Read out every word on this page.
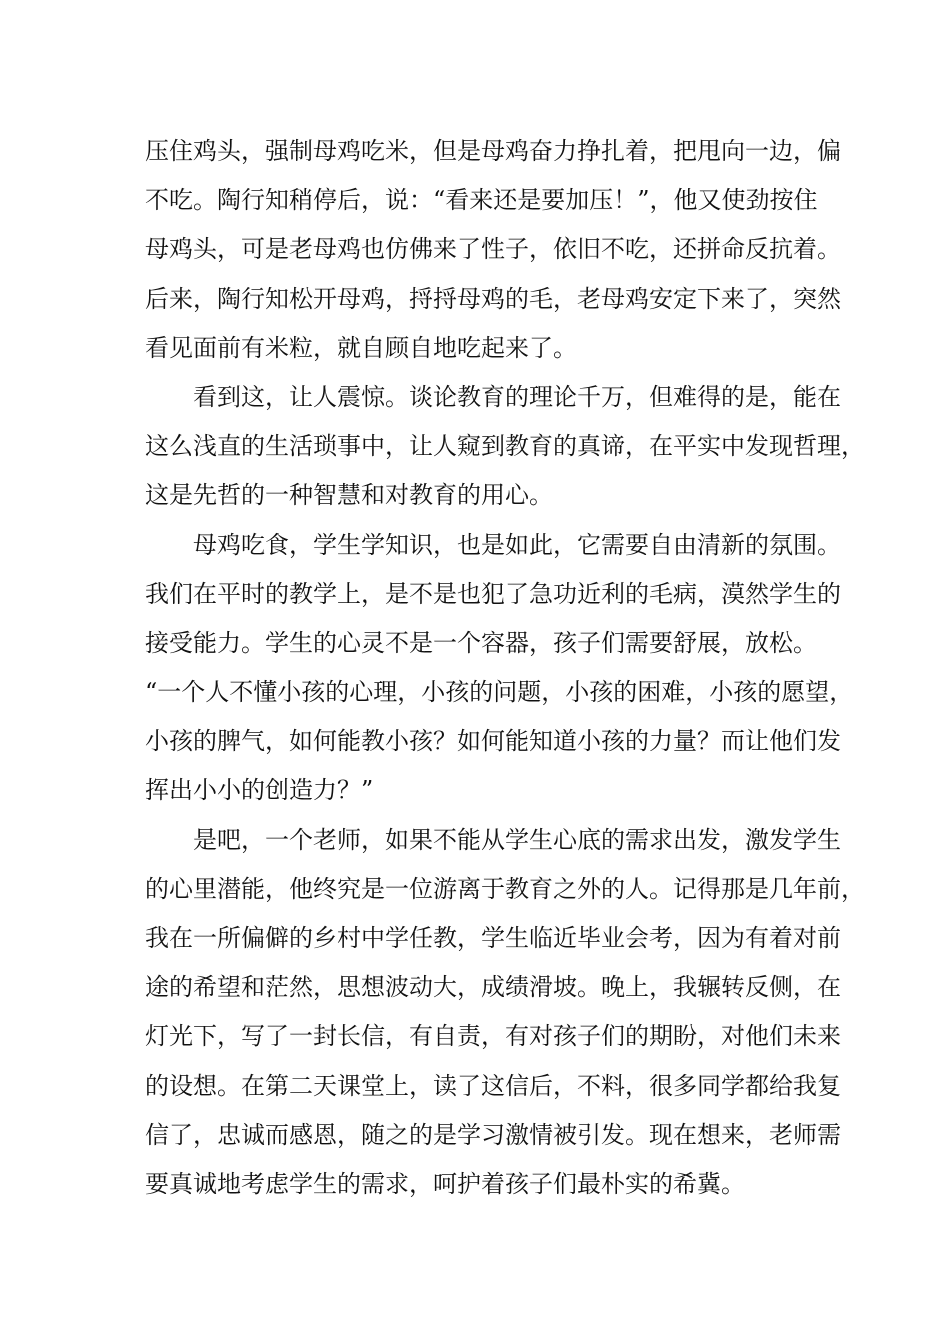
压住鸡头，强制母鸡吃米，但是母鸡奋力挣扎着，把甩向一边，偏
不吃。陶行知稍停后，说：“看来还是要加压！”，他又使劲按住
母鸡头，可是老母鸡也仿佛来了性子，依旧不吃，还拼命反抗着。
后来，陶行知松开母鸡，捋捋母鸡的毛，老母鸡安定下来了，突然
看见面前有米粒，就自顾自地吃起来了。
看到这，让人震惊。谈论教育的理论千万，但难得的是，能在
这么浅直的生活琐事中，让人窥到教育的真谛，在平实中发现哲理，
这是先哲的一种智慧和对教育的用心。
母鸡吃食，学生学知识，也是如此，它需要自由清新的氛围。
我们在平时的教学上，是不是也犯了急功近利的毛病，漠然学生的
接受能力。学生的心灵不是一个容器，孩子们需要舒展，放松。
“一个人不懂小孩的心理，小孩的问题，小孩的困难，小孩的愿望，
小孩的脾气，如何能教小孩？如何能知道小孩的力量？而让他们发
挥出小小的创造力？”
是吧，一个老师，如果不能从学生心底的需求出发，激发学生
的心里潜能，他终究是一位游离于教育之外的人。记得那是几年前，
我在一所偏僻的乡村中学任教，学生临近毕业会考，因为有着对前
途的希望和茫然，思想波动大，成绩滑坡。晚上，我辗转反侧，在
灯光下，写了一封长信，有自责，有对孩子们的期盼，对他们未来
的设想。在第二天课堂上，读了这信后，不料，很多同学都给我复
信了，忠诚而感恩，随之的是学习激情被引发。现在想来，老师需
要真诚地考虑学生的需求，呵护着孩子们最朴实的希冀。
